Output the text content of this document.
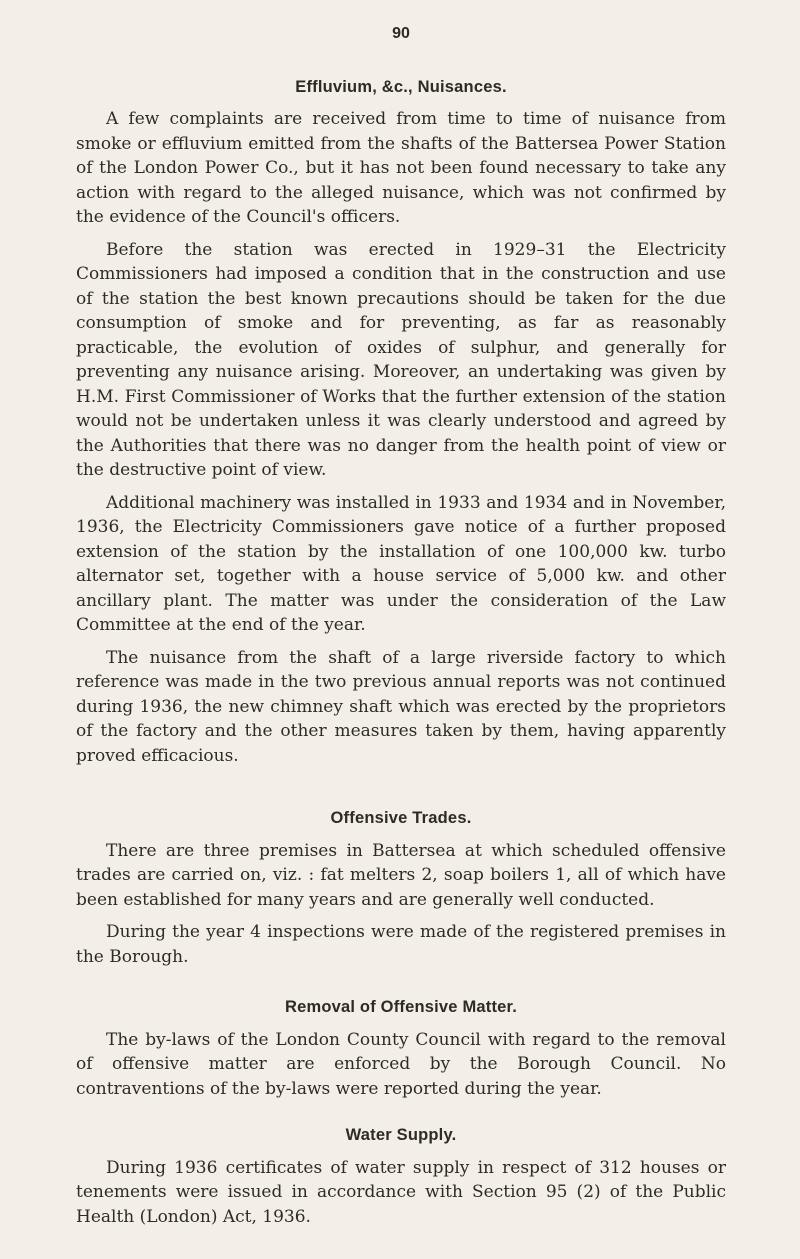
90
Effluvium, &c., Nuisances.

A few complaints are received from time to time of nuisance from smoke or effluvium emitted from the shafts of the Battersea Power Station of the London Power Co., but it has not been found necessary to take any action with regard to the alleged nuisance, which was not confirmed by the evidence of the Council's officers.

Before the station was erected in 1929–31 the Electricity Commissioners had imposed a condition that in the construction and use of the station the best known precautions should be taken for the due consumption of smoke and for preventing, as far as reasonably practicable, the evolution of oxides of sulphur, and generally for preventing any nuisance arising. Moreover, an undertaking was given by H.M. First Commissioner of Works that the further extension of the station would not be undertaken unless it was clearly understood and agreed by the Authorities that there was no danger from the health point of view or the destructive point of view.

Additional machinery was installed in 1933 and 1934 and in November, 1936, the Electricity Commissioners gave notice of a further proposed extension of the station by the installation of one 100,000 kw. turbo alternator set, together with a house service of 5,000 kw. and other ancillary plant. The matter was under the consideration of the Law Committee at the end of the year.

The nuisance from the shaft of a large riverside factory to which reference was made in the two previous annual reports was not continued during 1936, the new chimney shaft which was erected by the proprietors of the factory and the other measures taken by them, having apparently proved efficacious.

Offensive Trades.

There are three premises in Battersea at which scheduled offensive trades are carried on, viz. : fat melters 2, soap boilers 1, all of which have been established for many years and are generally well conducted.

During the year 4 inspections were made of the registered premises in the Borough.

Removal of Offensive Matter.

The by-laws of the London County Council with regard to the removal of offensive matter are enforced by the Borough Council. No contraventions of the by-laws were reported during the year.

Water Supply.

During 1936 certificates of water supply in respect of 312 houses or tenements were issued in accordance with Section 95 (2) of the Public Health (London) Act, 1936.
